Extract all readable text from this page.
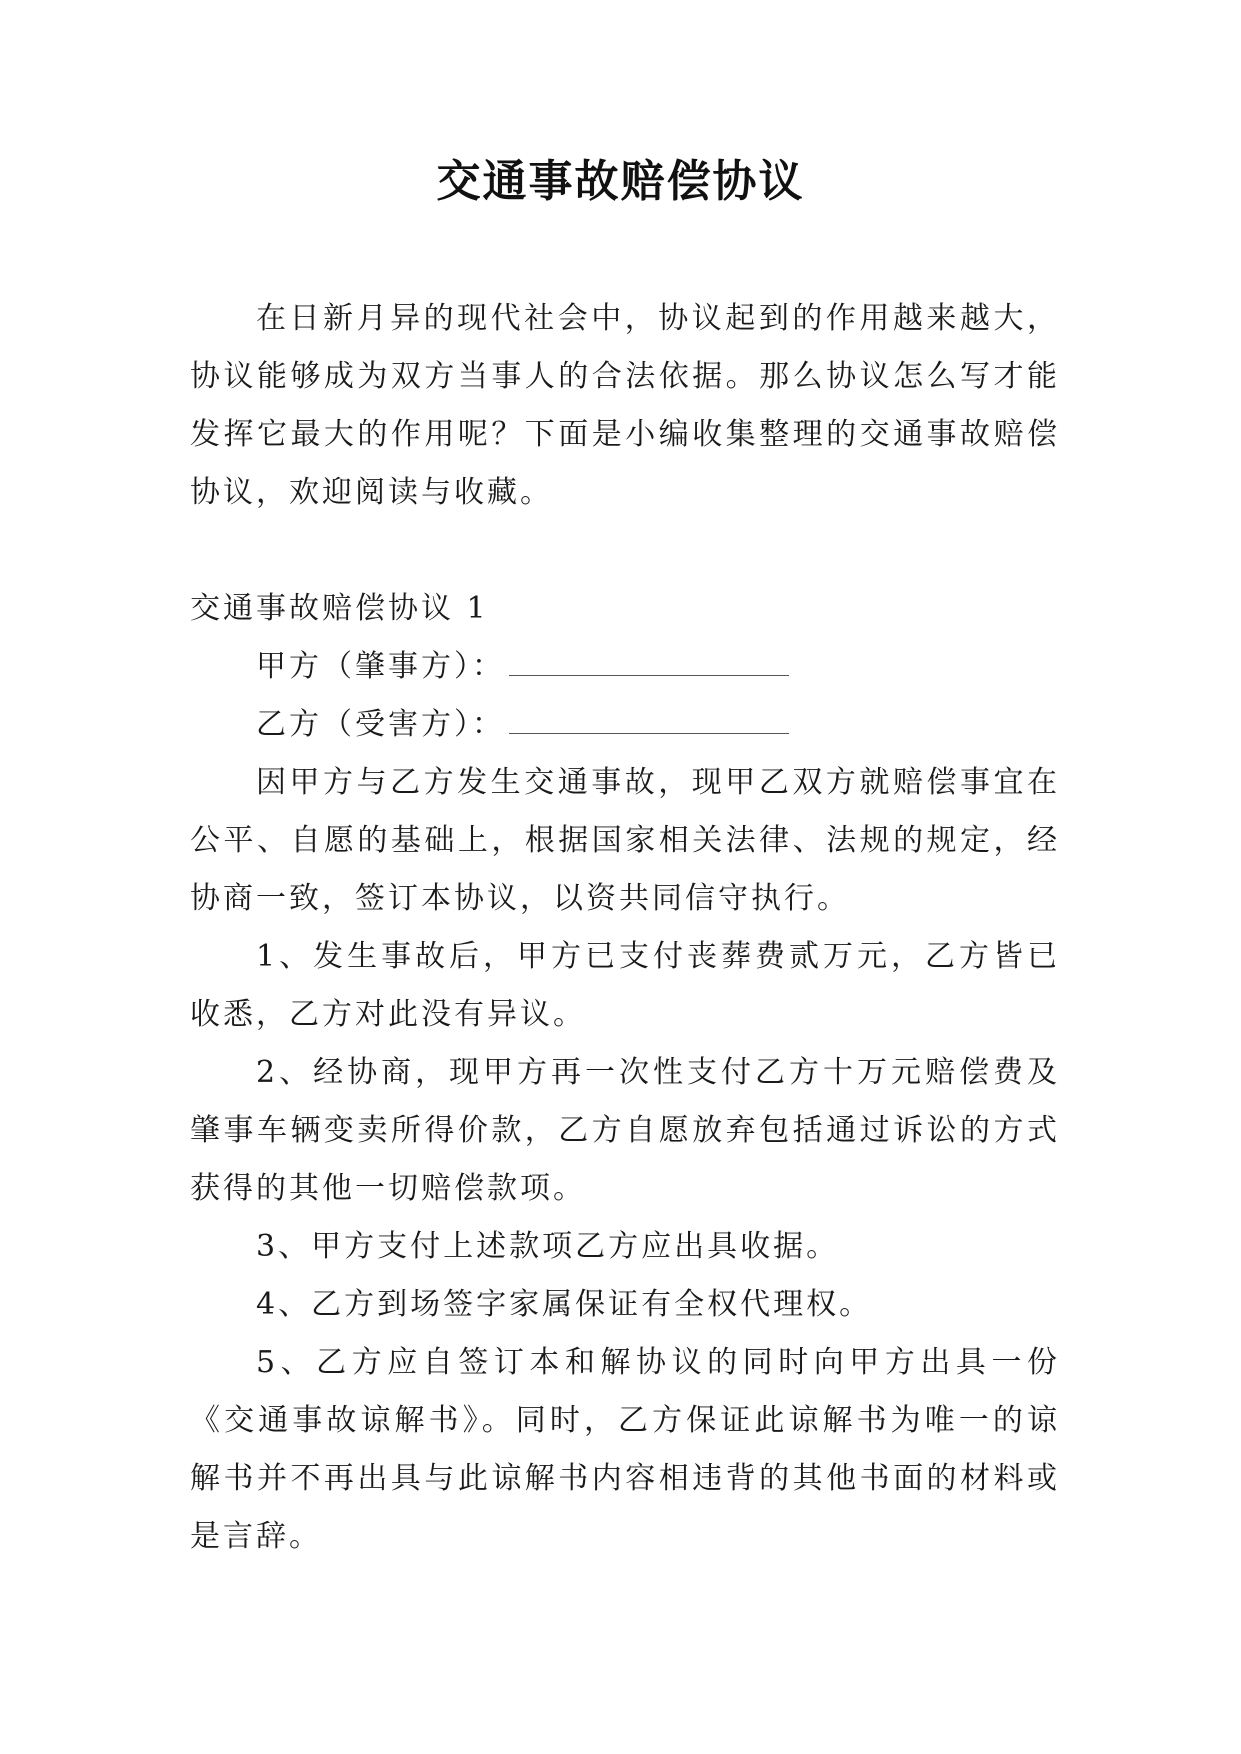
交通事故赔偿协议

在日新月异的现代社会中，协议起到的作用越来越大，协议能够成为双方当事人的合法依据。那么协议怎么写才能发挥它最大的作用呢？下面是小编收集整理的交通事故赔偿协议，欢迎阅读与收藏。

交通事故赔偿协议 1

甲方（肇事方）：

乙方（受害方）：

因甲方与乙方发生交通事故，现甲乙双方就赔偿事宜在公平、自愿的基础上，根据国家相关法律、法规的规定，经协商一致，签订本协议，以资共同信守执行。

1、发生事故后，甲方已支付丧葬费贰万元，乙方皆已收悉，乙方对此没有异议。

2、经协商，现甲方再一次性支付乙方十万元赔偿费及肇事车辆变卖所得价款，乙方自愿放弃包括通过诉讼的方式获得的其他一切赔偿款项。

3、甲方支付上述款项乙方应出具收据。

4、乙方到场签字家属保证有全权代理权。

5、乙方应自签订本和解协议的同时向甲方出具一份《交通事故谅解书》。同时，乙方保证此谅解书为唯一的谅解书并不再出具与此谅解书内容相违背的其他书面的材料或是言辞。
